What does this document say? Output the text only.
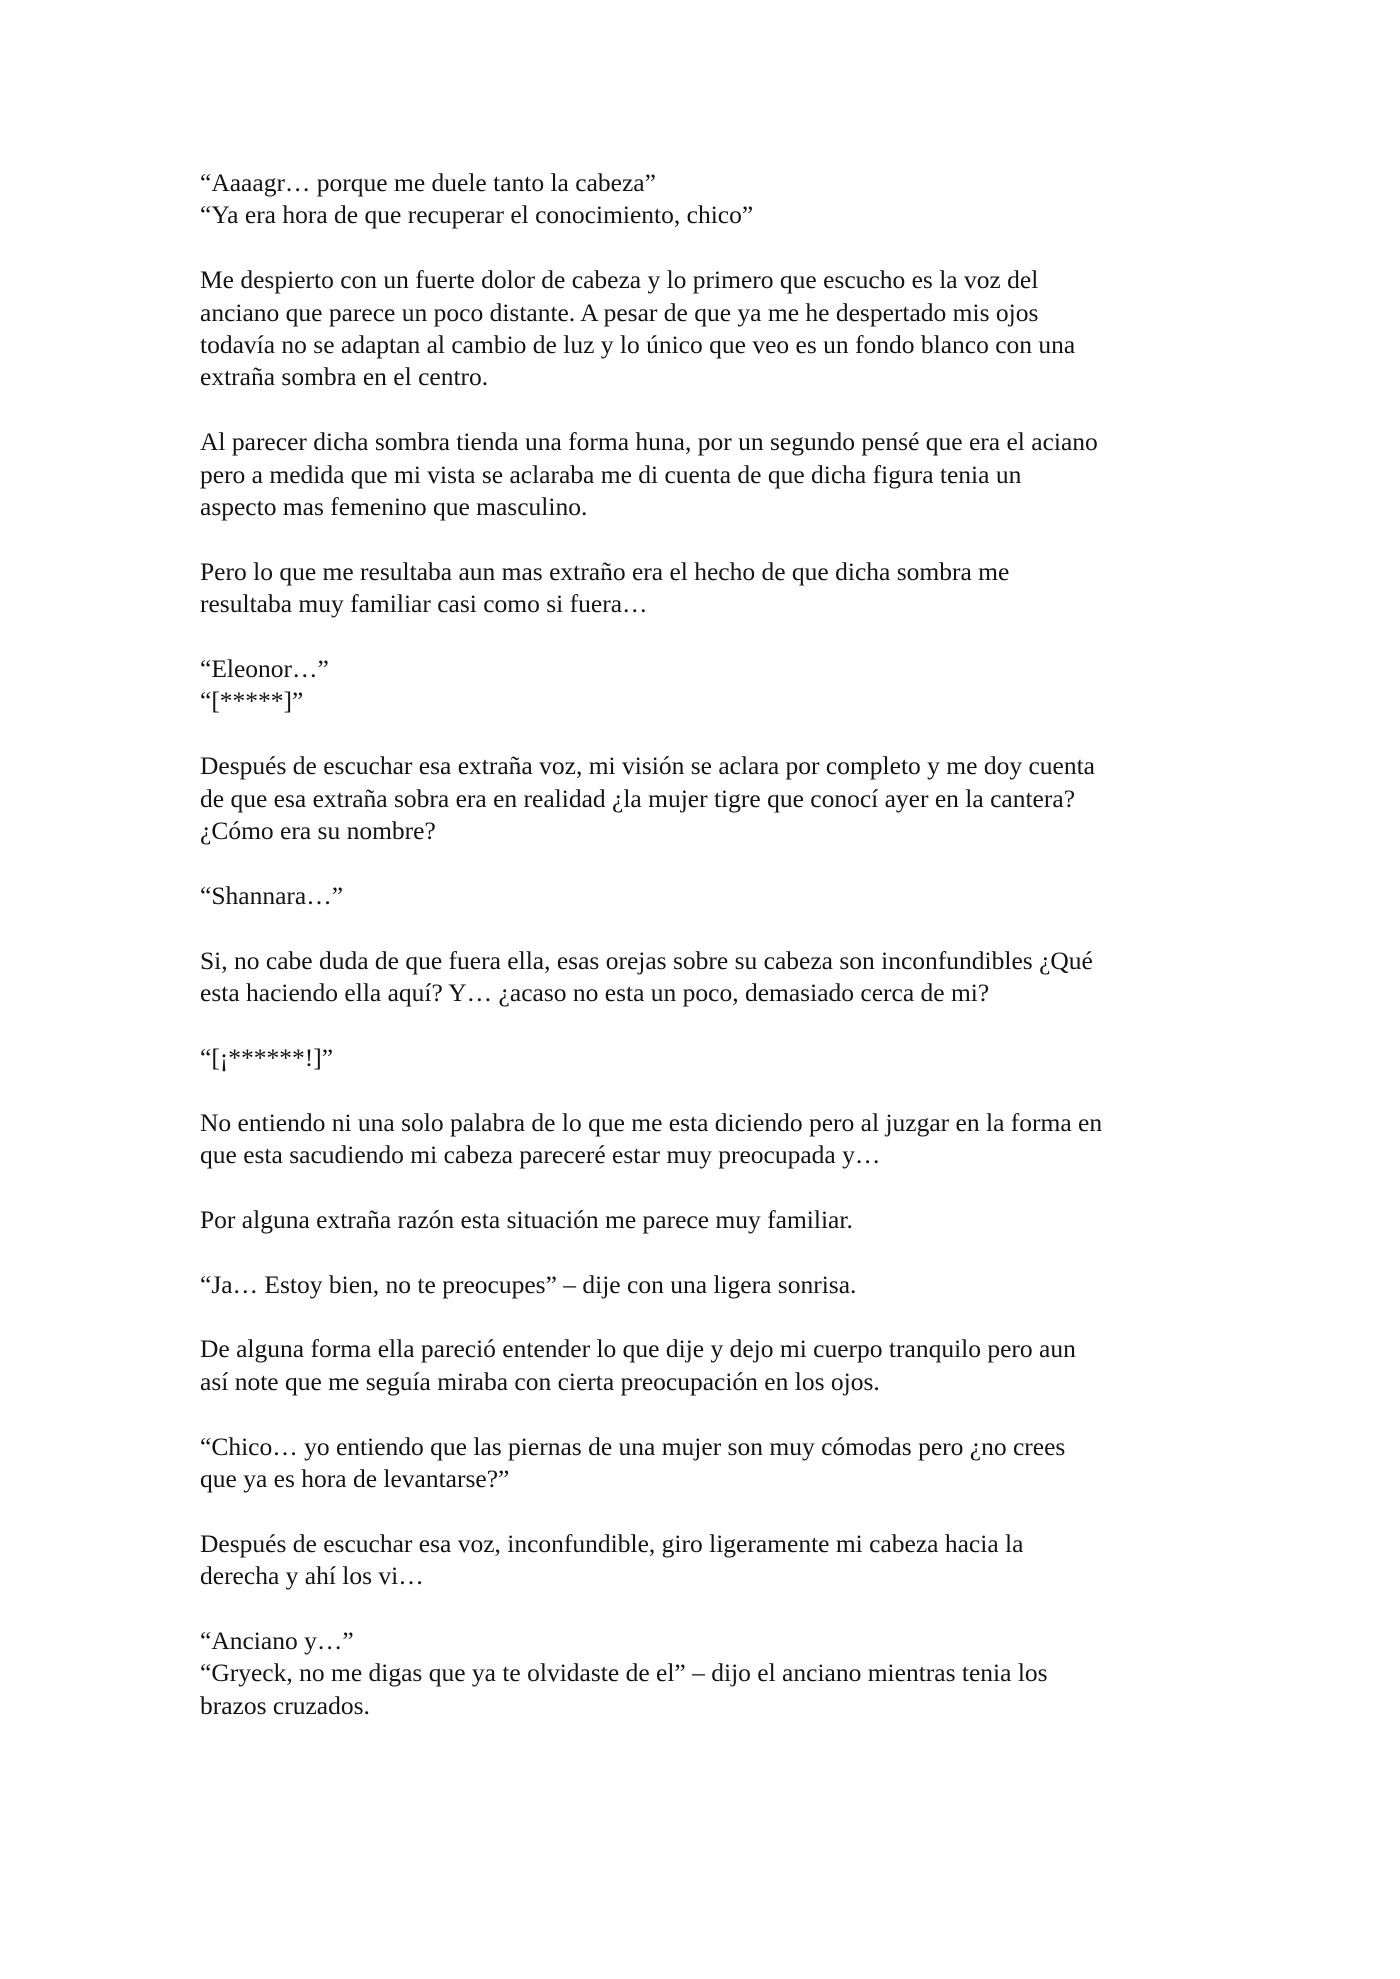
“Aaaagr… porque me duele tanto la cabeza”
“Ya era hora de que recuperar el conocimiento, chico”

Me despierto con un fuerte dolor de cabeza y lo primero que escucho es la voz del
anciano que parece un poco distante. A pesar de que ya me he despertado mis ojos
todavía no se adaptan al cambio de luz y lo único que veo es un fondo blanco con una
extraña sombra en el centro.

Al parecer dicha sombra tienda una forma huna, por un segundo pensé que era el aciano
pero a medida que mi vista se aclaraba me di cuenta de que dicha figura tenia un
aspecto mas femenino que masculino.

Pero lo que me resultaba aun mas extraño era el hecho de que dicha sombra me
resultaba muy familiar casi como si fuera…

“Eleonor…”
“[*****]”

Después de escuchar esa extraña voz, mi visión se aclara por completo y me doy cuenta
de que esa extraña sobra era en realidad ¿la mujer tigre que conocí ayer en la cantera?
¿Cómo era su nombre?

“Shannara…”

Si, no cabe duda de que fuera ella, esas orejas sobre su cabeza son inconfundibles ¿Qué
esta haciendo ella aquí? Y… ¿acaso no esta un poco, demasiado cerca de mi?

“[¡******!]”

No entiendo ni una solo palabra de lo que me esta diciendo pero al juzgar en la forma en
que esta sacudiendo mi cabeza pareceré estar muy preocupada y…

Por alguna extraña razón esta situación me parece muy familiar.

“Ja… Estoy bien, no te preocupes” – dije con una ligera sonrisa.

De alguna forma ella pareció entender lo que dije y dejo mi cuerpo tranquilo pero aun
así note que me seguía miraba con cierta preocupación en los ojos.

“Chico… yo entiendo que las piernas de una mujer son muy cómodas pero ¿no crees
que ya es hora de levantarse?”

Después de escuchar esa voz, inconfundible, giro ligeramente mi cabeza hacia la
derecha y ahí los vi…

“Anciano y…”
“Gryeck, no me digas que ya te olvidaste de el” – dijo el anciano mientras tenia los
brazos cruzados.
